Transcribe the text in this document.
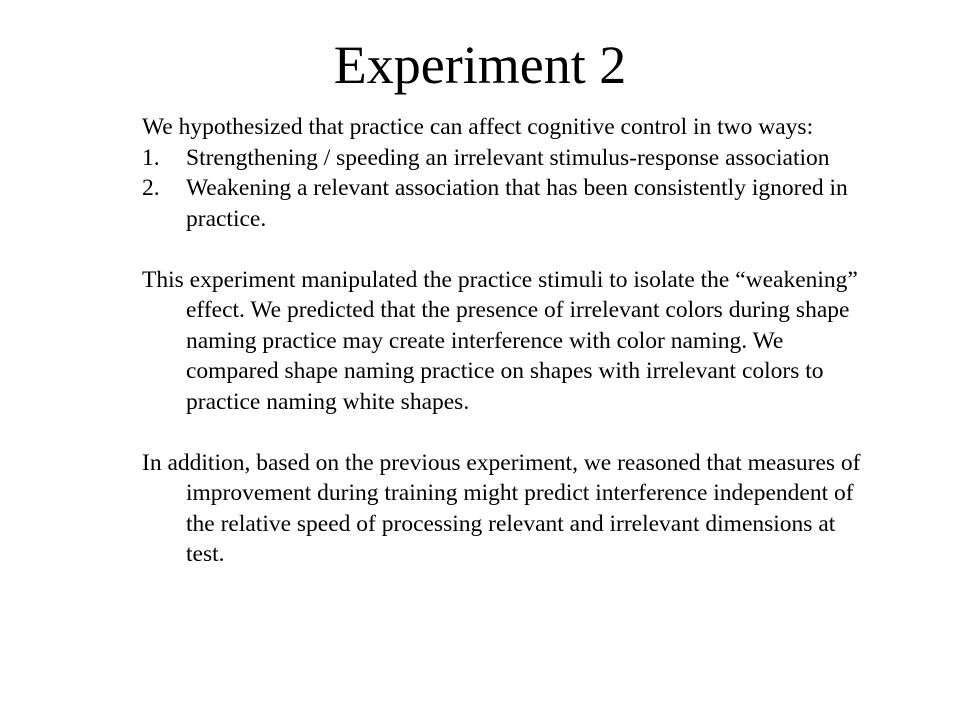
Experiment 2

We hypothesized that practice can affect cognitive control in two ways:

1. Strengthening / speeding an irrelevant stimulus-response association
2. Weakening a relevant association that has been consistently ignored in practice.

This experiment manipulated the practice stimuli to isolate the “weakening” effect. We predicted that the presence of irrelevant colors during shape naming practice may create interference with color naming. We compared shape naming practice on shapes with irrelevant colors to practice naming white shapes.

In addition, based on the previous experiment, we reasoned that measures of improvement during training might predict interference independent of the relative speed of processing relevant and irrelevant dimensions at test.
